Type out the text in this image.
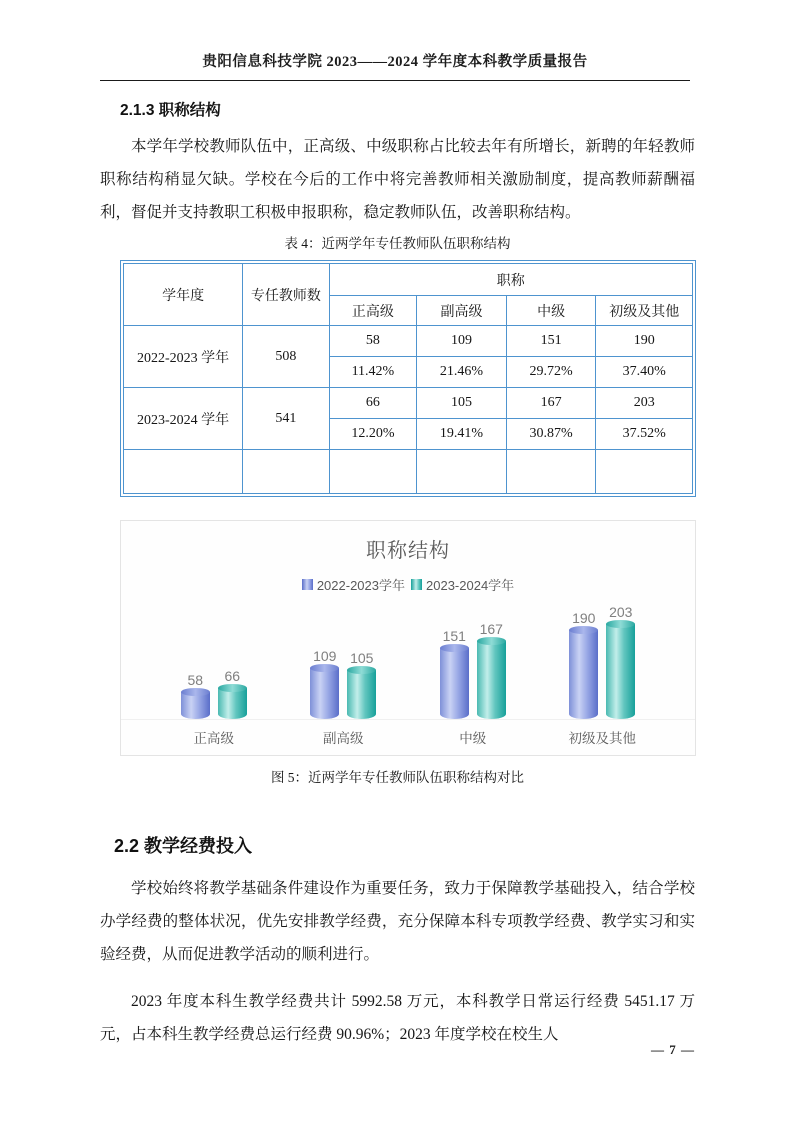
贵阳信息科技学院 2023——2024 学年度本科教学质量报告
2.1.3 职称结构
本学年学校教师队伍中，正高级、中级职称占比较去年有所增长，新聘的年轻教师职称结构稍显欠缺。学校在今后的工作中将完善教师相关激励制度，提高教师薪酬福利，督促并支持教职工积极申报职称，稳定教师队伍，改善职称结构。
表 4：近两学年专任教师队伍职称结构
学年度	专任教师数	职称			
		正高级	副高级	中级	初级及其他
2022-2023 学年	508	58	109	151	190
		11.42%	21.46%	29.72%	37.40%
2023-2024 学年	541	66	105	167	203
		12.20%	19.41%	30.87%	37.52%

职称结构
2022-2023学年 2023-2024学年
58 66
109 105
151 167
190 203
正高级	副高级	中级	初级及其他
图 5：近两学年专任教师队伍职称结构对比
2.2 教学经费投入
学校始终将教学基础条件建设作为重要任务，致力于保障教学基础投入，结合学校办学经费的整体状况，优先安排教学经费，充分保障本科专项教学经费、教学实习和实验经费，从而促进教学活动的顺利进行。
2023 年度本科生教学经费共计 5992.58 万元，本科教学日常运行经费 5451.17 万元，占本科生教学经费总运行经费 90.96%；2023 年度学校在校生人
— 7 —
